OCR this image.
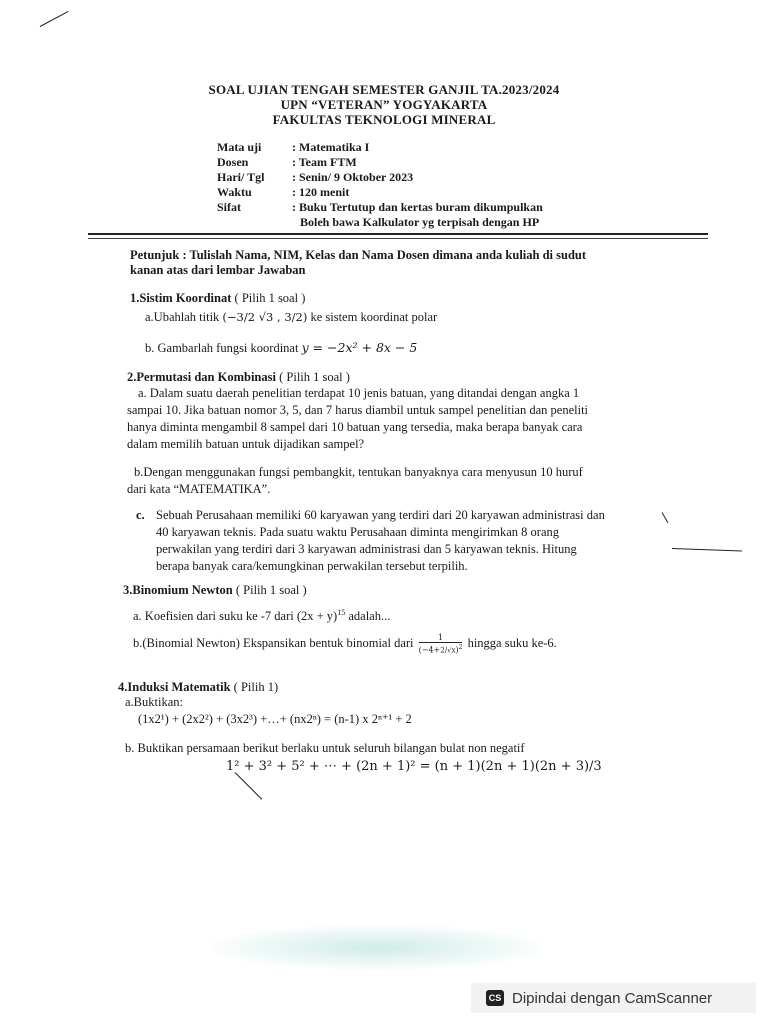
SOAL UJIAN TENGAH SEMESTER GANJIL TA.2023/2024
UPN “VETERAN” YOGYAKARTA
FAKULTAS TEKNOLOGI MINERAL
Mata uji	: Matematika I
Dosen	: Team FTM
Hari/ Tgl : Senin/ 9 Oktober 2023
Waktu	: 120 menit
Sifat	: Buku Tertutup dan kertas buram dikumpulkan
Boleh bawa Kalkulator yg terpisah dengan HP
Petunjuk : Tulislah Nama, NIM, Kelas dan Nama Dosen dimana anda kuliah di sudut
kanan atas dari lembar Jawaban
1.Sistim Koordinat ( Pilih 1 soal )
a.Ubahlah titik (−3/2 √3 , 3/2) ke sistem koordinat polar
b. Gambarlah fungsi koordinat y = −2x² + 8x − 5
2.Permutasi dan Kombinasi ( Pilih 1 soal )
a. Dalam suatu daerah penelitian terdapat 10 jenis batuan, yang ditandai dengan angka 1
sampai 10. Jika batuan nomor 3, 5, dan 7 harus diambil untuk sampel penelitian dan peneliti
hanya diminta mengambil 8 sampel dari 10 batuan yang tersedia, maka berapa banyak cara
dalam memilih batuan untuk dijadikan sampel?
b.Dengan menggunakan fungsi pembangkit, tentukan banyaknya cara menyusun 10 huruf
dari kata “MATEMATIKA”.
c. Sebuah Perusahaan memiliki 60 karyawan yang terdiri dari 20 karyawan administrasi dan
40 karyawan teknis. Pada suatu waktu Perusahaan diminta mengirimkan 8 orang
perwakilan yang terdiri dari 3 karyawan administrasi dan 5 karyawan teknis. Hitung
berapa banyak cara/kemungkinan perwakilan tersebut terpilih.
3.Binomium Newton ( Pilih 1 soal )
a. Koefisien dari suku ke -7 dari $(2x + y)^{15}$ adalah...
b.(Binomial Newton) Ekspansikan bentuk binomial dari $\frac{1}{(-4+2/√x)^2}$ hingga suku ke-6.
4.Induksi Matematik ( Pilih 1)
a.Buktikan:
(1x2¹) + (2x2²) + (3x2³) +…+ (nx2ⁿ) = (n-1) x 2ⁿ⁺¹ + 2
b. Buktikan persamaan berikut berlaku untuk seluruh bilangan bulat non negatif
1² + 3² + 5² + ⋯ + (2n + 1)² = (n + 1)(2n + 1)(2n + 3)/3
CS Dipindai dengan CamScanner
